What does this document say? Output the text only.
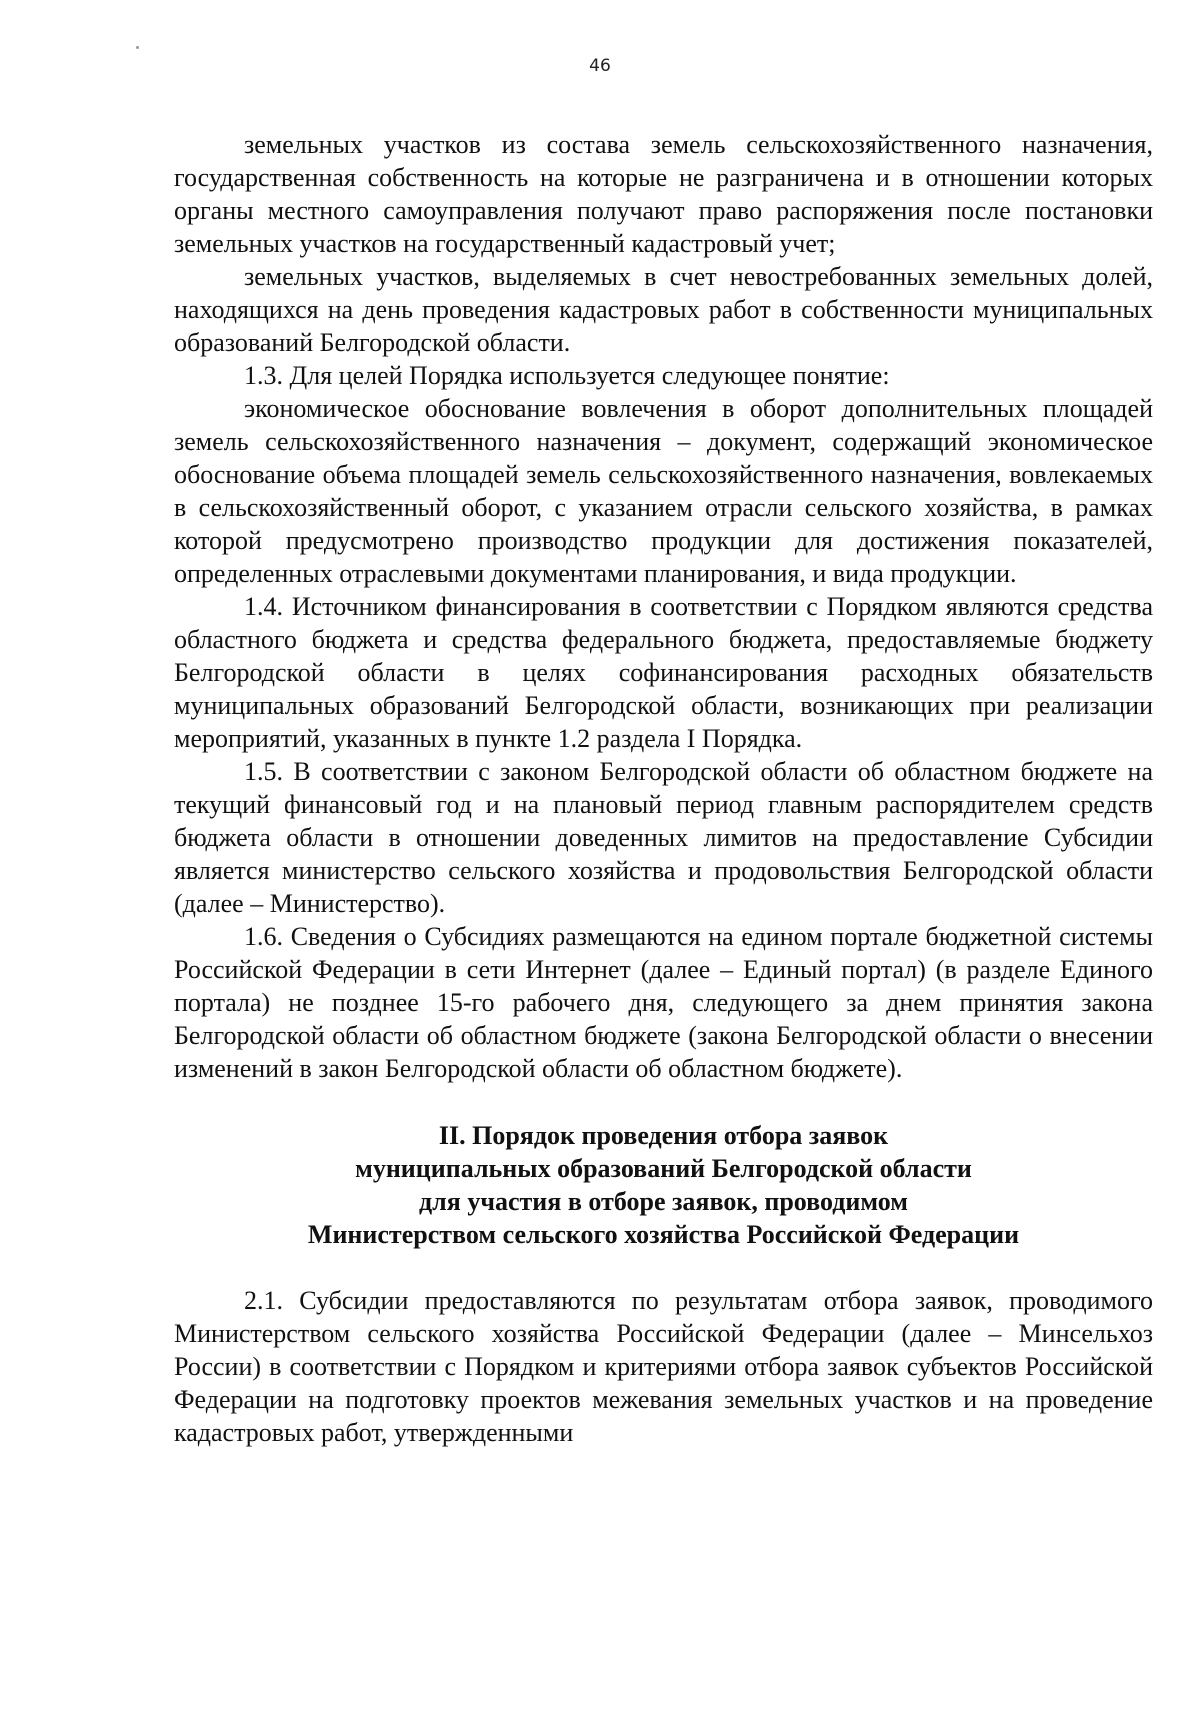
46

земельных участков из состава земель сельскохозяйственного назначения, государственная собственность на которые не разграничена и в отношении которых органы местного самоуправления получают право распоряжения после постановки земельных участков на государственный кадастровый учет;

земельных участков, выделяемых в счет невостребованных земельных долей, находящихся на день проведения кадастровых работ в собственности муниципальных образований Белгородской области.

1.3. Для целей Порядка используется следующее понятие:

экономическое обоснование вовлечения в оборот дополнительных площадей земель сельскохозяйственного назначения – документ, содержащий экономическое обоснование объема площадей земель сельскохозяйственного назначения, вовлекаемых в сельскохозяйственный оборот, с указанием отрасли сельского хозяйства, в рамках которой предусмотрено производство продукции для достижения показателей, определенных отраслевыми документами планирования, и вида продукции.

1.4. Источником финансирования в соответствии с Порядком являются средства областного бюджета и средства федерального бюджета, предоставляемые бюджету Белгородской области в целях софинансирования расходных обязательств муниципальных образований Белгородской области, возникающих при реализации мероприятий, указанных в пункте 1.2 раздела I Порядка.

1.5. В соответствии с законом Белгородской области об областном бюджете на текущий финансовый год и на плановый период главным распорядителем средств бюджета области в отношении доведенных лимитов на предоставление Субсидии является министерство сельского хозяйства и продовольствия Белгородской области (далее – Министерство).

1.6. Сведения о Субсидиях размещаются на едином портале бюджетной системы Российской Федерации в сети Интернет (далее – Единый портал) (в разделе Единого портала) не позднее 15-го рабочего дня, следующего за днем принятия закона Белгородской области об областном бюджете (закона Белгородской области о внесении изменений в закон Белгородской области об областном бюджете).

II. Порядок проведения отбора заявок
муниципальных образований Белгородской области
для участия в отборе заявок, проводимом
Министерством сельского хозяйства Российской Федерации

2.1. Субсидии предоставляются по результатам отбора заявок, проводимого Министерством сельского хозяйства Российской Федерации (далее – Минсельхоз России) в соответствии с Порядком и критериями отбора заявок субъектов Российской Федерации на подготовку проектов межевания земельных участков и на проведение кадастровых работ, утвержденными
